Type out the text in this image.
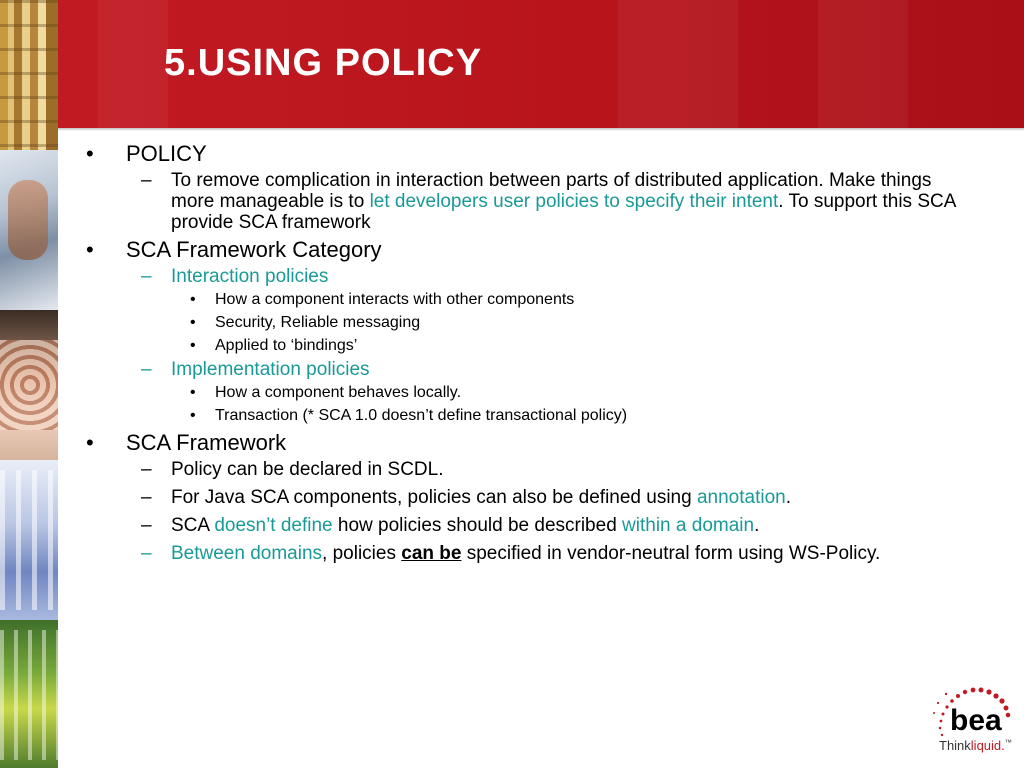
5.USING POLICY
• POLICY
– To remove complication in interaction between parts of distributed application. Make things more manageable is to let developers user policies to specify their intent. To support this SCA provide SCA framework
• SCA Framework Category
– Interaction policies
• How a component interacts with other components
• Security, Reliable messaging
• Applied to ‘bindings’
– Implementation policies
• How a component behaves locally.
• Transaction (* SCA 1.0 doesn’t define transactional policy)
• SCA Framework
– Policy can be declared in SCDL.
– For Java SCA components, policies can also be defined using annotation.
– SCA doesn’t define how policies should be described within a domain.
– Between domains, policies can be specified in vendor-neutral form using WS-Policy.
bea
Thinkliquid.™
